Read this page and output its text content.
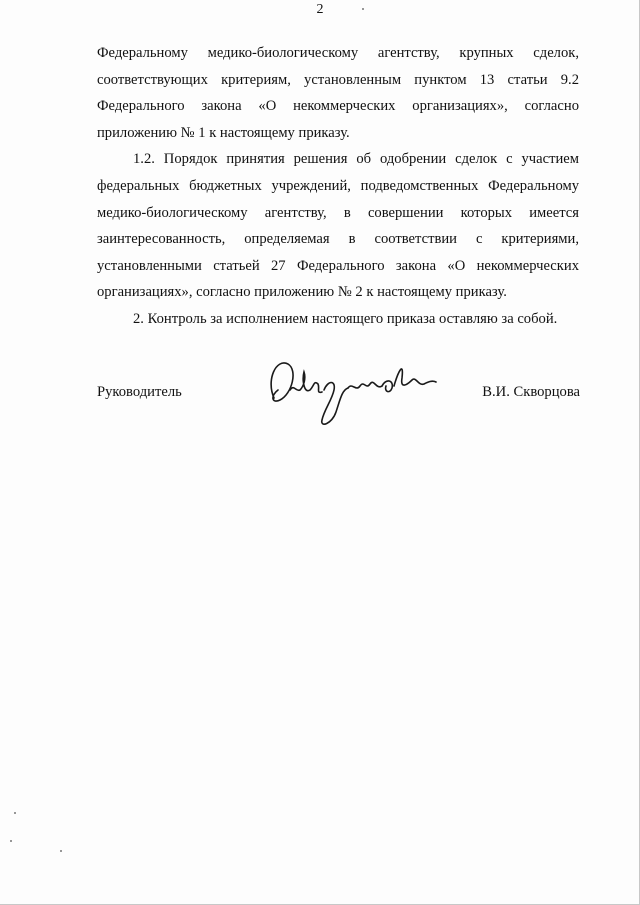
2

Федеральному медико-биологическому агентству, крупных сделок, соответствующих критериям, установленным пунктом 13 статьи 9.2 Федерального закона «О некоммерческих организациях», согласно приложению № 1 к настоящему приказу.

1.2. Порядок принятия решения об одобрении сделок с участием федеральных бюджетных учреждений, подведомственных Федеральному медико-биологическому агентству, в совершении которых имеется заинтересованность, определяемая в соответствии с критериями, установленными статьей 27 Федерального закона «О некоммерческих организациях», согласно приложению № 2 к настоящему приказу.

2. Контроль за исполнением настоящего приказа оставляю за собой.

Руководитель	В.И. Скворцова
